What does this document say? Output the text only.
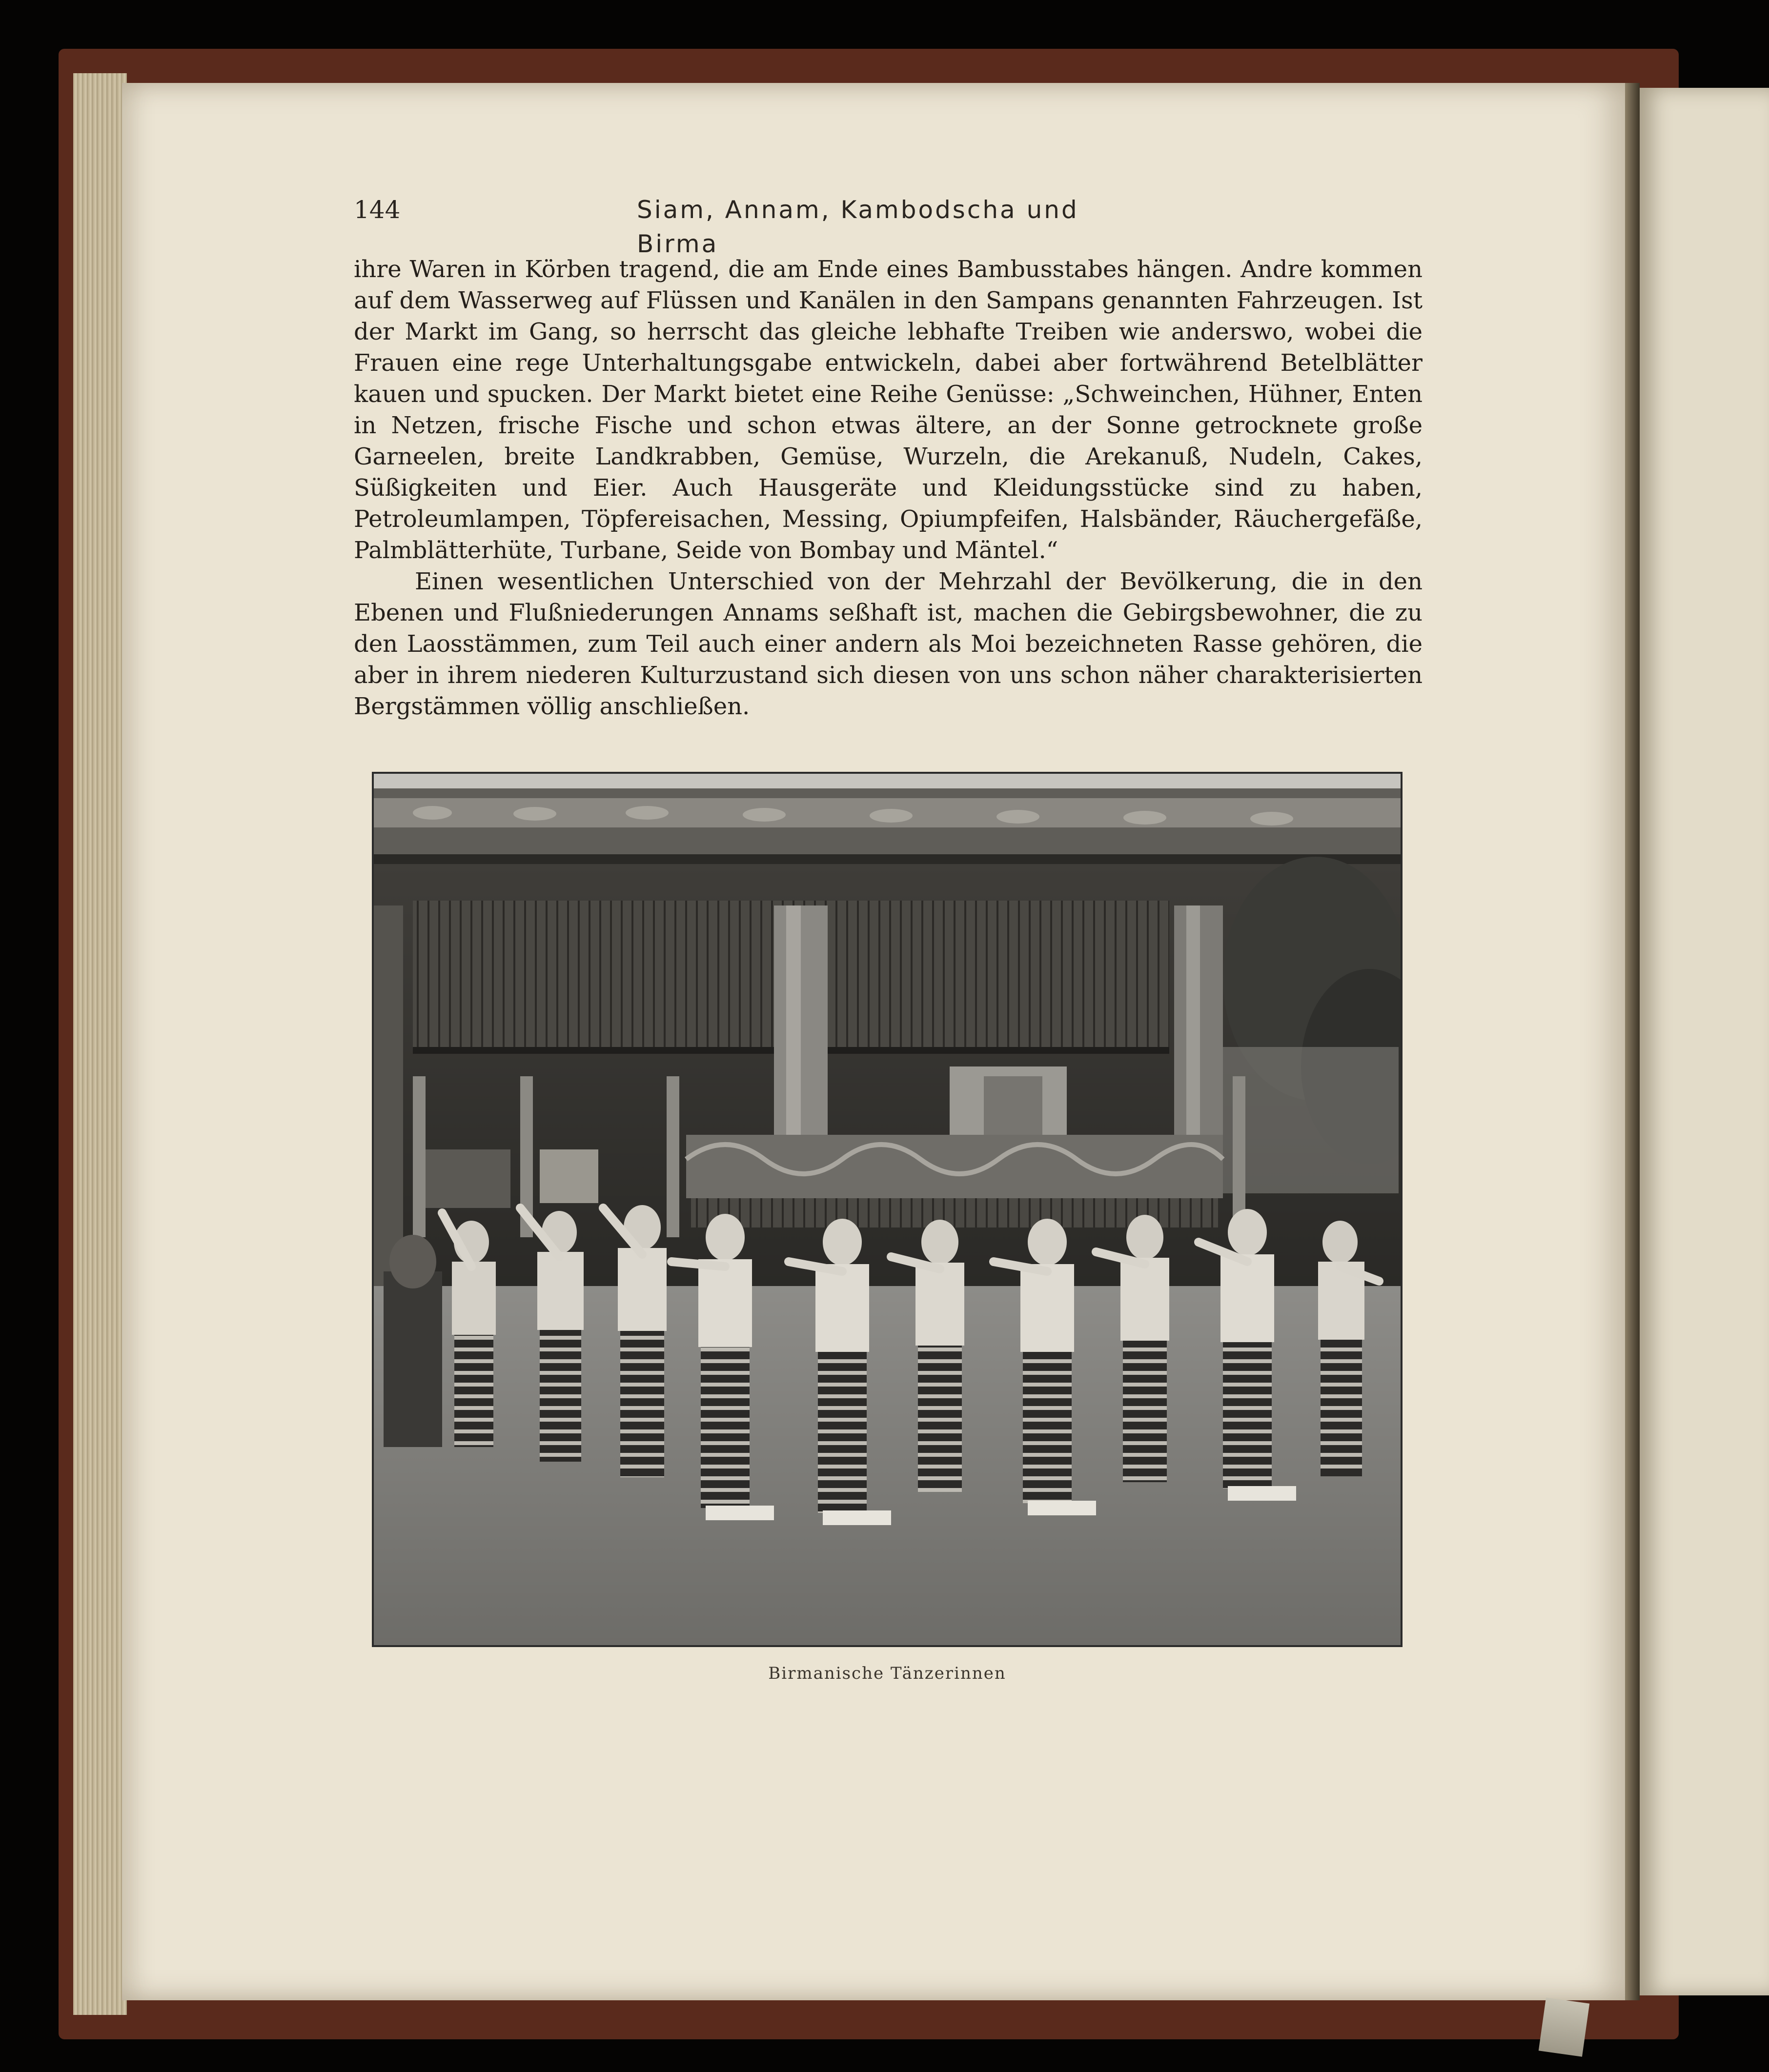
144	Siam, Annam, Kambodscha und Birma

ihre Waren in Körben tragend, die am Ende eines Bambusstabes hängen. Andre kommen auf dem Wasserweg auf Flüssen und Kanälen in den Sampans genannten Fahrzeugen. Ist der Markt im Gang, so herrscht das gleiche lebhafte Treiben wie anderswo, wobei die Frauen eine rege Unterhaltungsgabe entwickeln, dabei aber fortwährend Betelblätter kauen und spucken. Der Markt bietet eine Reihe Genüsse: „Schweinchen, Hühner, Enten in Netzen, frische Fische und schon etwas ältere, an der Sonne getrocknete große Garneelen, breite Landkrabben, Gemüse, Wurzeln, die Arekanuß, Nudeln, Cakes, Süßigkeiten und Eier. Auch Hausgeräte und Kleidungsstücke sind zu haben, Petroleumlampen, Töpfereisachen, Messing, Opiumpfeifen, Halsbänder, Räuchergefäße, Palmblätterhüte, Turbane, Seide von Bombay und Mäntel.“

Einen wesentlichen Unterschied von der Mehrzahl der Bevölkerung, die in den Ebenen und Flußniederungen Annams seßhaft ist, machen die Gebirgsbewohner, die zu den Laosstämmen, zum Teil auch einer andern als Moi bezeichneten Rasse gehören, die aber in ihrem niederen Kulturzustand sich diesen von uns schon näher charakterisierten Bergstämmen völlig anschließen.

Birmanische Tänzerinnen
